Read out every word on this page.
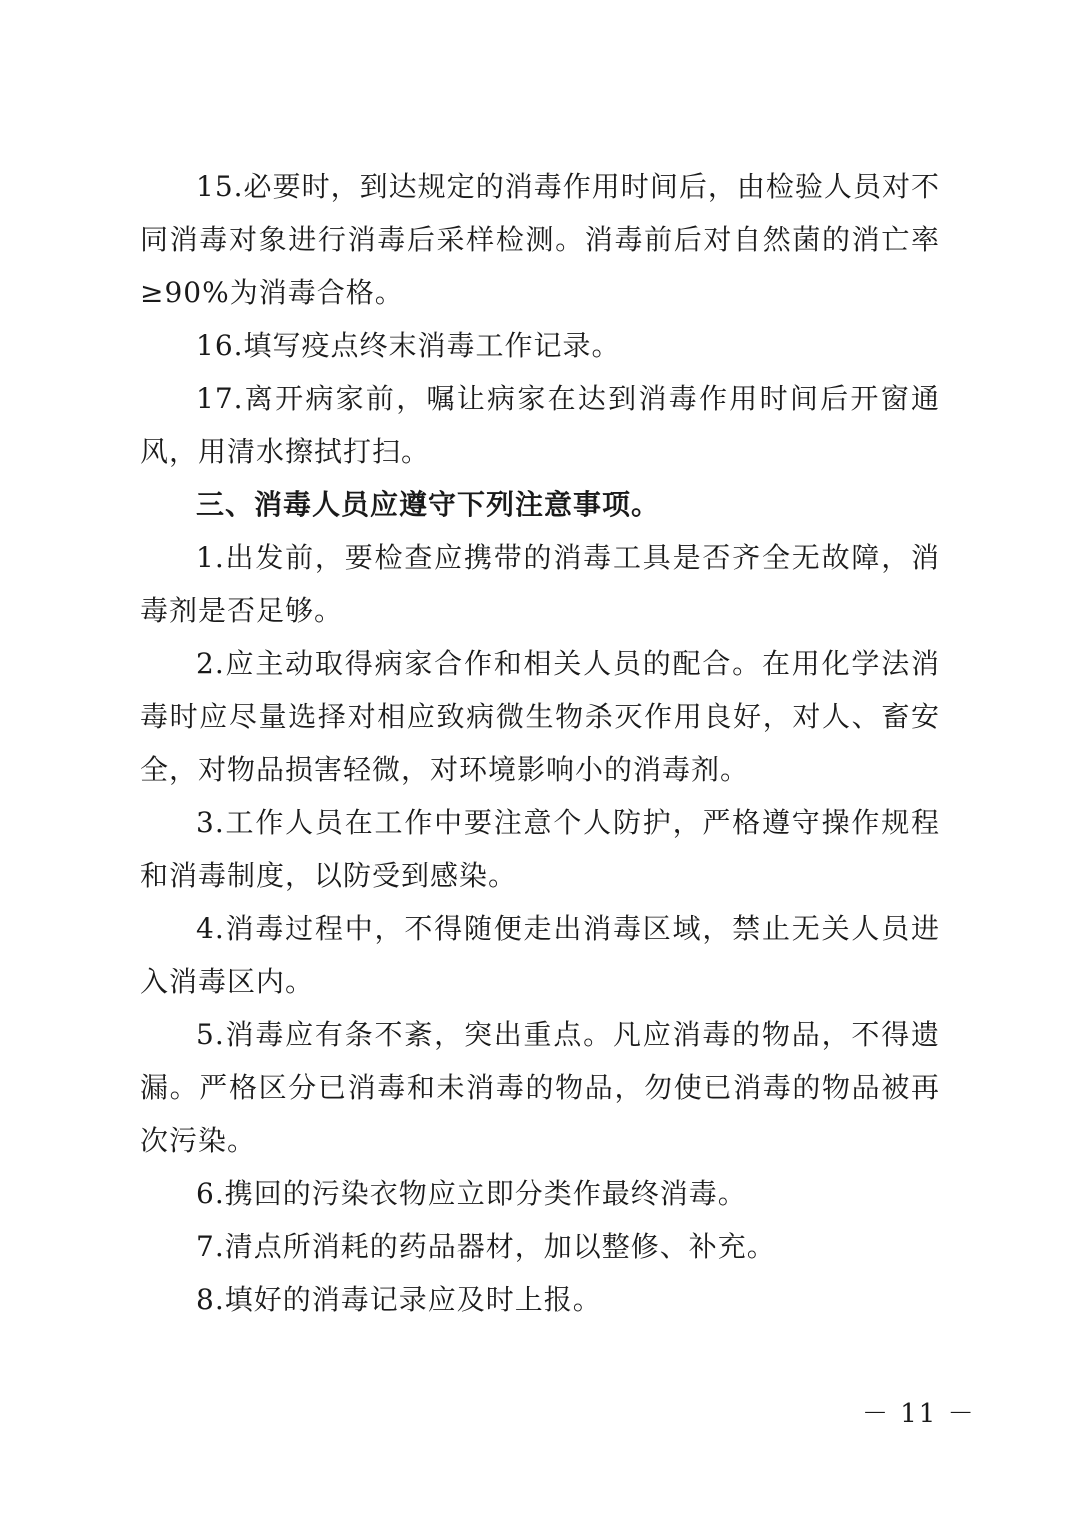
15.必要时，到达规定的消毒作用时间后，由检验人员对不同消毒对象进行消毒后采样检测。消毒前后对自然菌的消亡率≥90%为消毒合格。

16.填写疫点终末消毒工作记录。

17.离开病家前，嘱让病家在达到消毒作用时间后开窗通风，用清水擦拭打扫。

三、消毒人员应遵守下列注意事项。

1.出发前，要检查应携带的消毒工具是否齐全无故障，消毒剂是否足够。

2.应主动取得病家合作和相关人员的配合。在用化学法消毒时应尽量选择对相应致病微生物杀灭作用良好，对人、畜安全，对物品损害轻微，对环境影响小的消毒剂。

3.工作人员在工作中要注意个人防护，严格遵守操作规程和消毒制度，以防受到感染。

4.消毒过程中，不得随便走出消毒区域，禁止无关人员进入消毒区内。

5.消毒应有条不紊，突出重点。凡应消毒的物品，不得遗漏。严格区分已消毒和未消毒的物品，勿使已消毒的物品被再次污染。

6.携回的污染衣物应立即分类作最终消毒。

7.清点所消耗的药品器材，加以整修、补充。

8.填好的消毒记录应及时上报。

－ 11 －
